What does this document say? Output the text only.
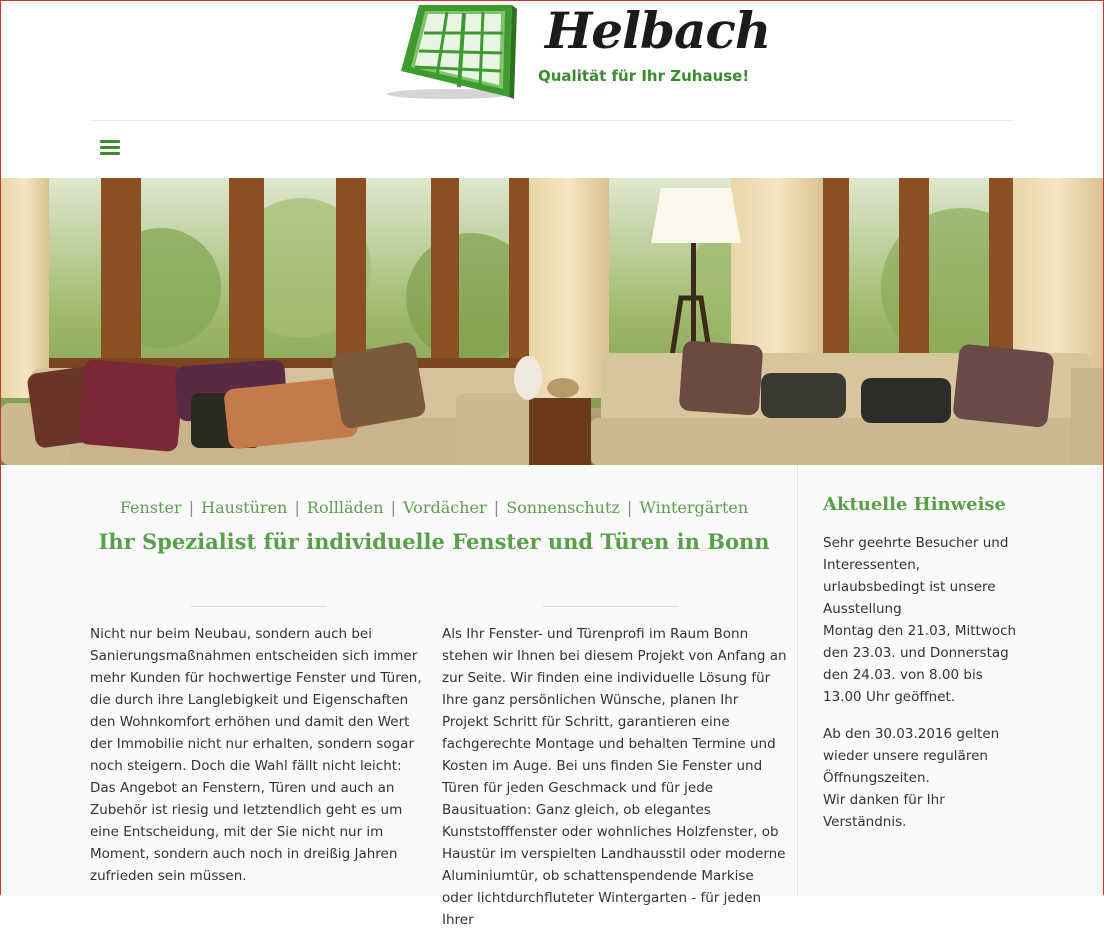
Helbach
Qualität für Ihr Zuhause!
Fenster | Haustüren | Rollläden | Vordächer | Sonnenschutz | Wintergärten
Ihr Spezialist für individuelle Fenster und Türen in Bonn

Nicht nur beim Neubau, sondern auch bei Sanierungsmaßnahmen entscheiden sich immer mehr Kunden für hochwertige Fenster und Türen, die durch ihre Langlebigkeit und Eigenschaften den Wohnkomfort erhöhen und damit den Wert der Immobilie nicht nur erhalten, sondern sogar noch steigern. Doch die Wahl fällt nicht leicht: Das Angebot an Fenstern, Türen und auch an Zubehör ist riesig und letztendlich geht es um eine Entscheidung, mit der Sie nicht nur im Moment, sondern auch noch in dreißig Jahren zufrieden sein müssen.

Als Ihr Fenster- und Türenprofi im Raum Bonn stehen wir Ihnen bei diesem Projekt von Anfang an zur Seite. Wir finden eine individuelle Lösung für Ihre ganz persönlichen Wünsche, planen Ihr Projekt Schritt für Schritt, garantieren eine fachgerechte Montage und behalten Termine und Kosten im Auge. Bei uns finden Sie Fenster und Türen für jeden Geschmack und für jede Bausituation: Ganz gleich, ob elegantes Kunststofffenster oder wohnliches Holzfenster, ob Haustür im verspielten Landhausstil oder moderne Aluminiumtür, ob schattenspendende Markise oder lichtdurchfluteter Wintergarten - für jeden Ihrer

Aktuelle Hinweise

Sehr geehrte Besucher und Interessenten,
urlaubsbedingt ist unsere Ausstellung
Montag den 21.03, Mittwoch den 23.03. und Donnerstag den 24.03. von 8.00 bis 13.00 Uhr geöffnet.

Ab den 30.03.2016 gelten wieder unsere regulären Öffnungszeiten.
Wir danken für Ihr Verständnis.
